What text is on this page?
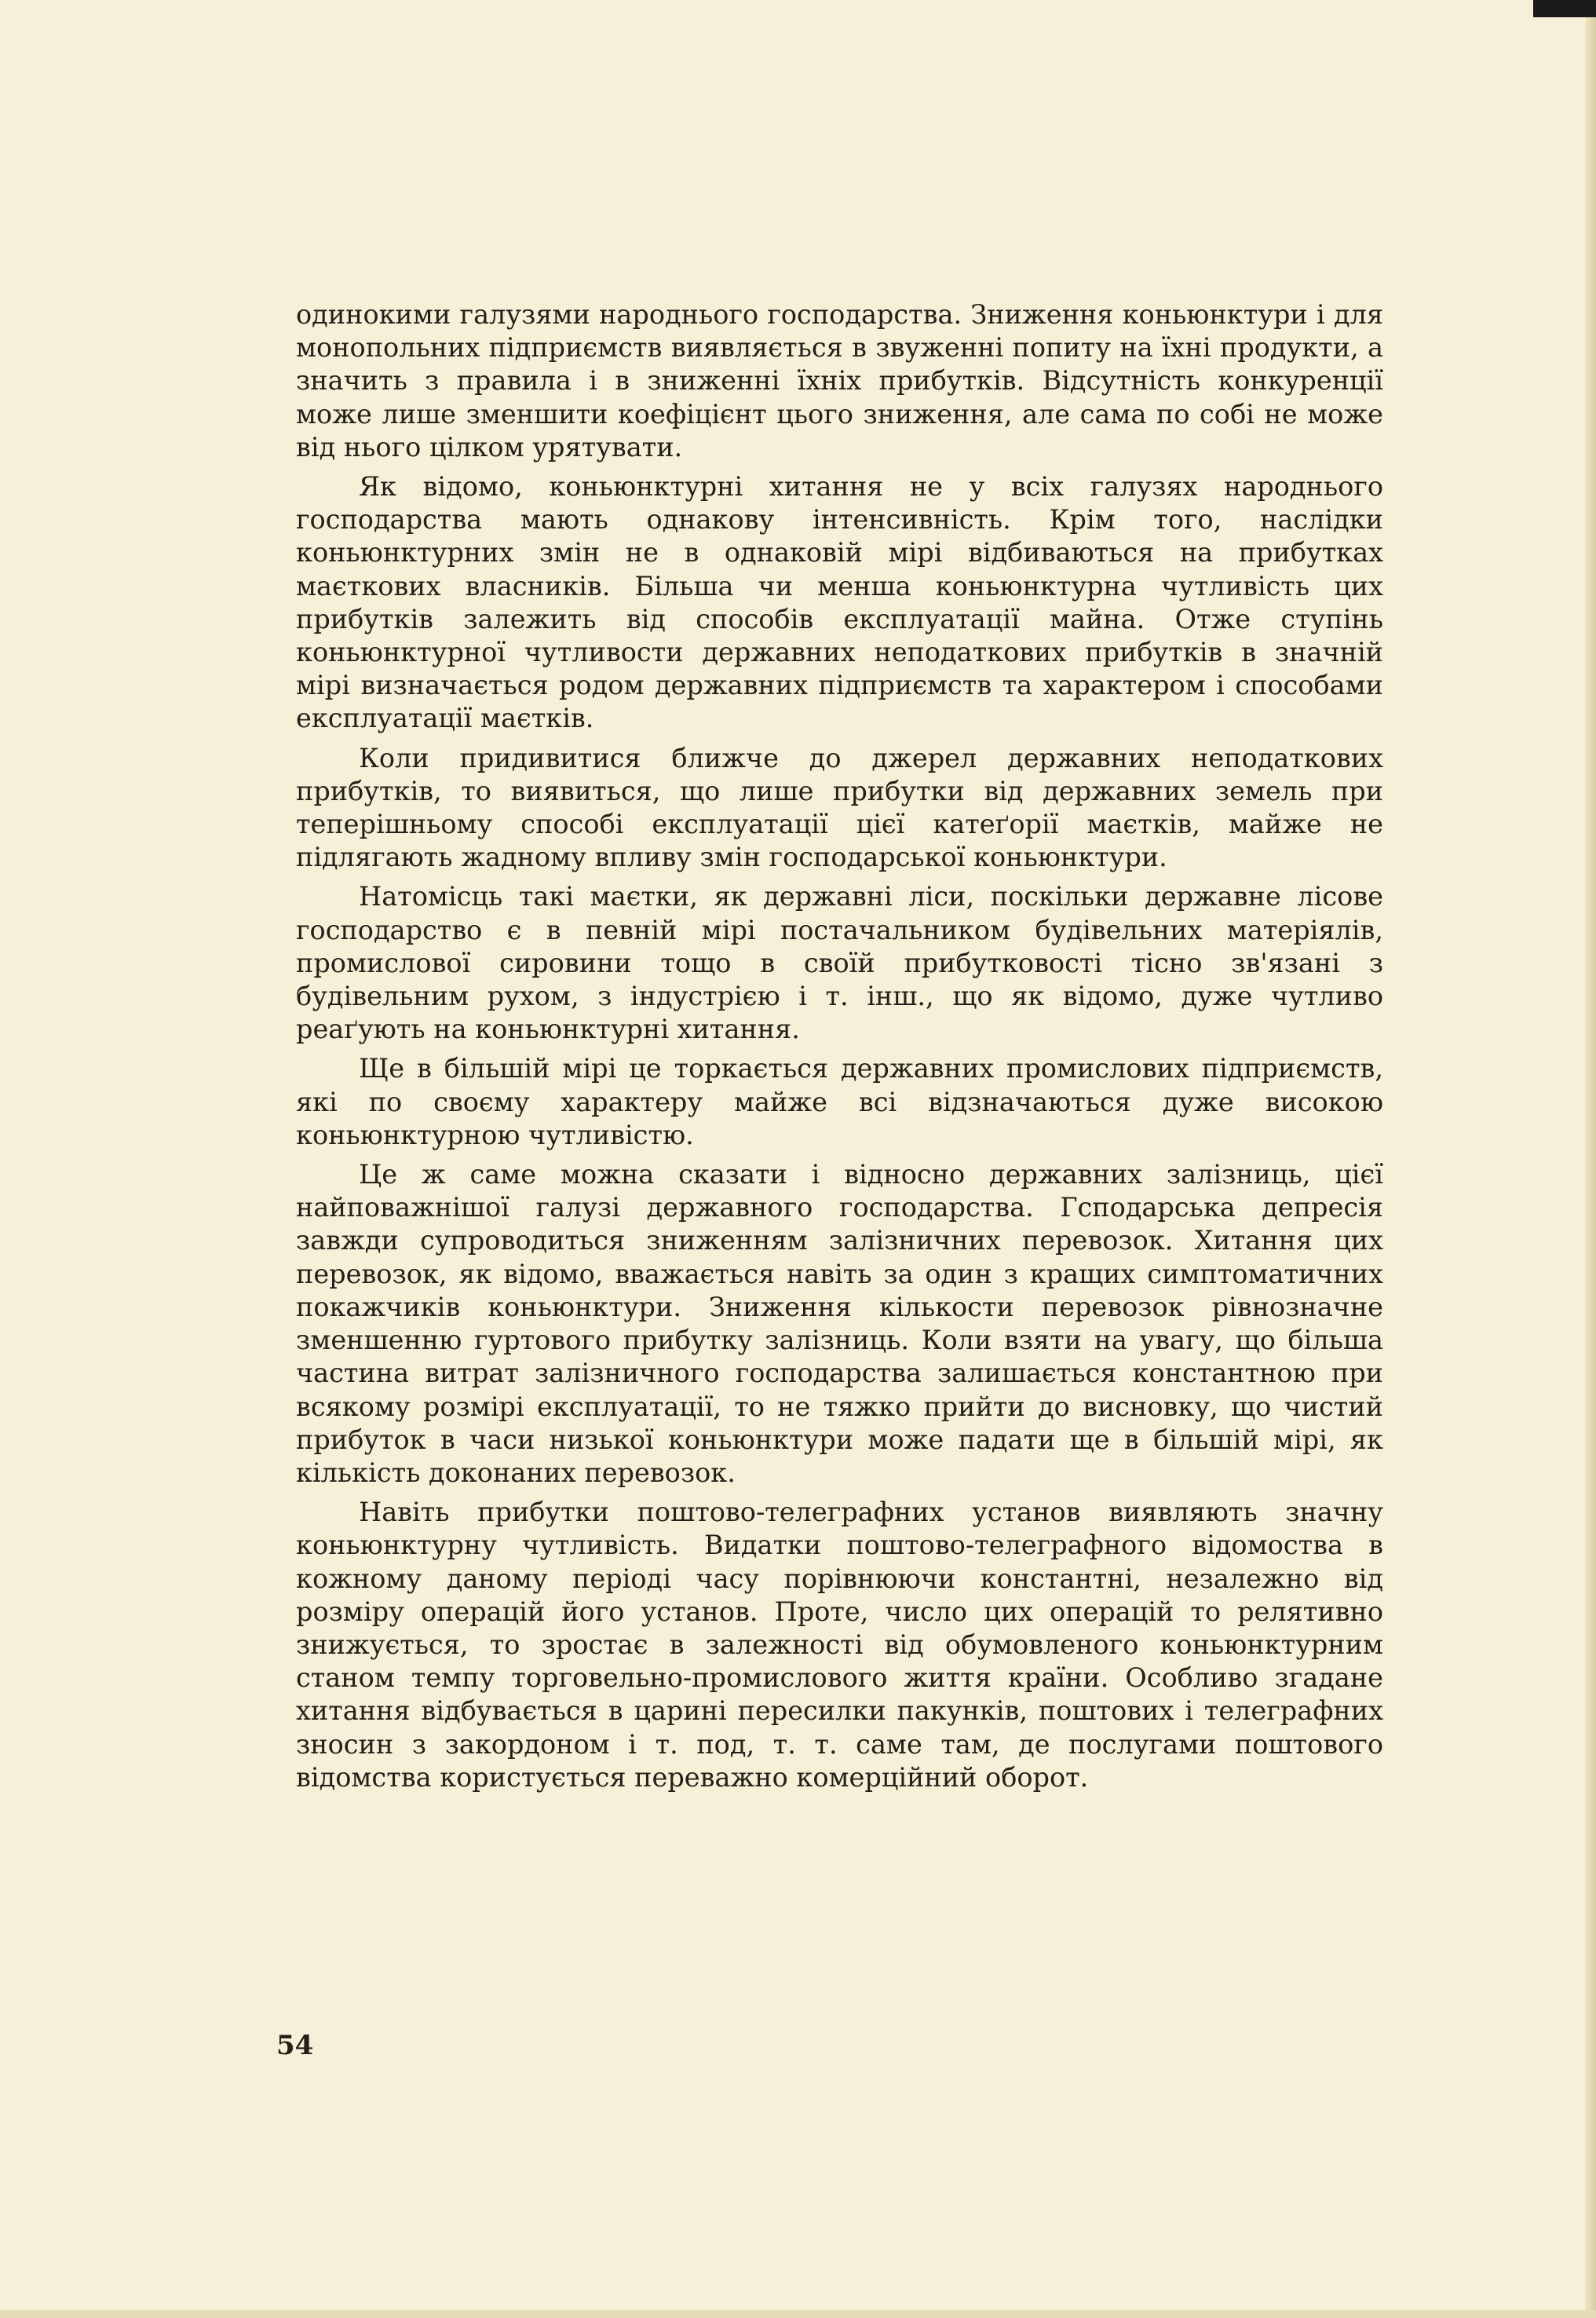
одинокими галузями народнього господарства. Зниження коньюнктури і для монопольних підприємств виявляється в звуженні попиту на їхні продукти, а значить з правила і в зниженні їхніх прибутків. Відсутність конкуренції може лише зменшити коефіцієнт цього зниження, але сама по собі не може від нього цілком урятувати.

Як відомо, коньюнктурні хитання не у всіх галузях народнього господарства мають однакову інтенсивність. Крім того, наслідки коньюнктурних змін не в однаковій мірі відбиваються на прибутках маєткових власників. Більша чи менша коньюнктурна чутливість цих прибутків залежить від способів експлуатації майна. Отже ступінь коньюнктурної чутливости державних неподаткових прибутків в значній мірі визначається родом державних підприємств та характером і способами експлуатації маєтків.

Коли придивитися ближче до джерел державних неподаткових прибутків, то виявиться, що лише прибутки від державних земель при теперішньому способі експлуатації цієї катеґорії маєтків, майже не підлягають жадному впливу змін господарської коньюнктури.

Натомісць такі маєтки, як державні ліси, поскільки державне лісове господарство є в певній мірі постачальником будівельних матеріялів, промислової сировини тощо в своїй прибутковості тісно зв'язані з будівельним рухом, з індустрією і т. інш., що як відомо, дуже чутливо реаґують на коньюнктурні хитання.

Ще в більшій мірі це торкається державних промислових підприємств, які по своєму характеру майже всі відзначаються дуже високою коньюнктурною чутливістю.

Це ж саме можна сказати і відносно державних залізниць, цієї найповажнішої галузі державного господарства. Гсподарська депресія завжди супроводиться зниженням залізничних перевозок. Хитання цих перевозок, як відомо, вважається навіть за один з кращих симптоматичних покажчиків коньюнктури. Зниження кількости перевозок рівнозначне зменшенню гуртового прибутку залізниць. Коли взяти на увагу, що більша частина витрат залізничного господарства залишається константною при всякому розмірі експлуатації, то не тяжко прийти до висновку, що чистий прибуток в часи низької коньюнктури може падати ще в більшій мірі, як кількість доконаних перевозок.

Навіть прибутки поштово-телеграфних установ виявляють значну коньюнктурну чутливість. Видатки поштово-телеграфного відомоства в кожному даному періоді часу порівнюючи константні, незалежно від розміру операцій його установ. Проте, число цих операцій то релятивно знижується, то зростає в залежності від обумовленого коньюнктурним станом темпу торговельно-промислового життя країни. Особливо згадане хитання відбувається в царині пересилки пакунків, поштових і телеграфних зносин з закордоном і т. под, т. т. саме там, де послугами поштового відомства користується переважно комерційний оборот.

54
